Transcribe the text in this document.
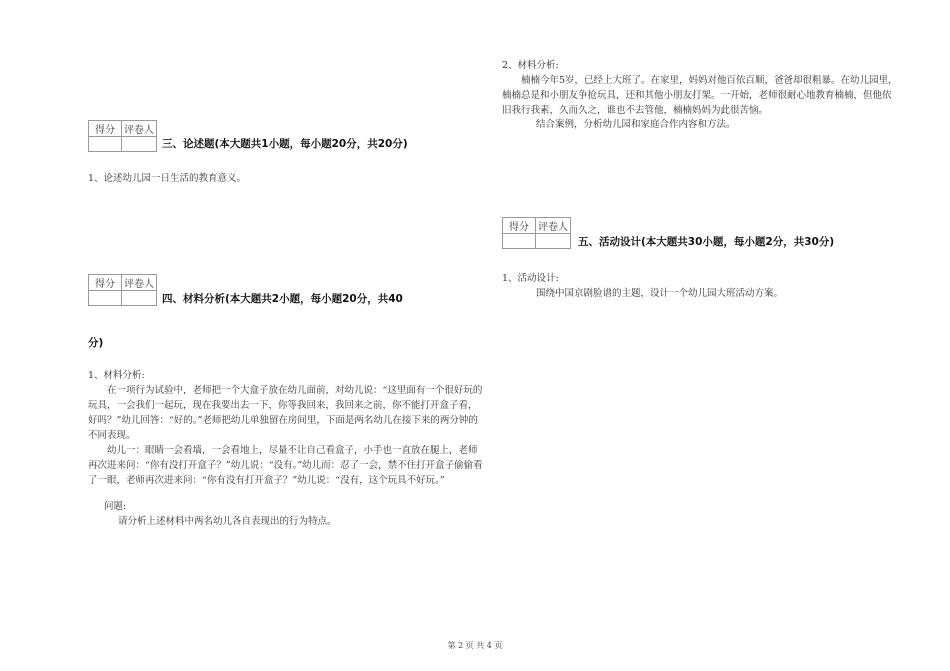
得分	评卷人

三、论述题(本大题共1小题，每小题20分，共20分)
1、论述幼儿园一日生活的教育意义。
得分	评卷人

四、材料分析(本大题共2小题，每小题20分，共40
分)
1、材料分析:
在一项行为试验中，老师把一个大盒子放在幼儿面前，对幼儿说：“这里面有一个很好玩的玩具，一会我们一起玩，现在我要出去一下，你等我回来，我回来之前，你不能打开盒子看，好吗？”幼儿回答：“好的。”老师把幼儿单独留在房间里，下面是两名幼儿在接下来的两分钟的不同表现。
幼儿一：眼睛一会看墙，一会看地上，尽量不让自己看盒子，小手也一直放在腿上，老师再次进来问：“你有没打开盒子？”幼儿说：“没有。”幼儿而：忍了一会，禁不住打开盒子偷偷看了一眼，老师再次进来问：“你有没有打开盒子？”幼儿说：“没有，这个玩具不好玩。”
问题:
请分析上述材料中两名幼儿各自表现出的行为特点。
2、材料分析:
楠楠今年5岁，已经上大班了。在家里，妈妈对他百依百顺，爸爸却很粗暴。在幼儿园里，楠楠总是和小朋友争抢玩具，还和其他小朋友打架。一开始，老师很耐心地教育楠楠，但他依旧我行我素，久而久之，谁也不去管他，楠楠妈妈为此很苦恼。
结合案例，分析幼儿园和家庭合作内容和方法。
得分	评卷人

五、活动设计(本大题共30小题，每小题2分，共30分)
1、活动设计:
围绕中国京剧脸谱的主题，设计一个幼儿园大班活动方案。
第 2 页 共 4 页
